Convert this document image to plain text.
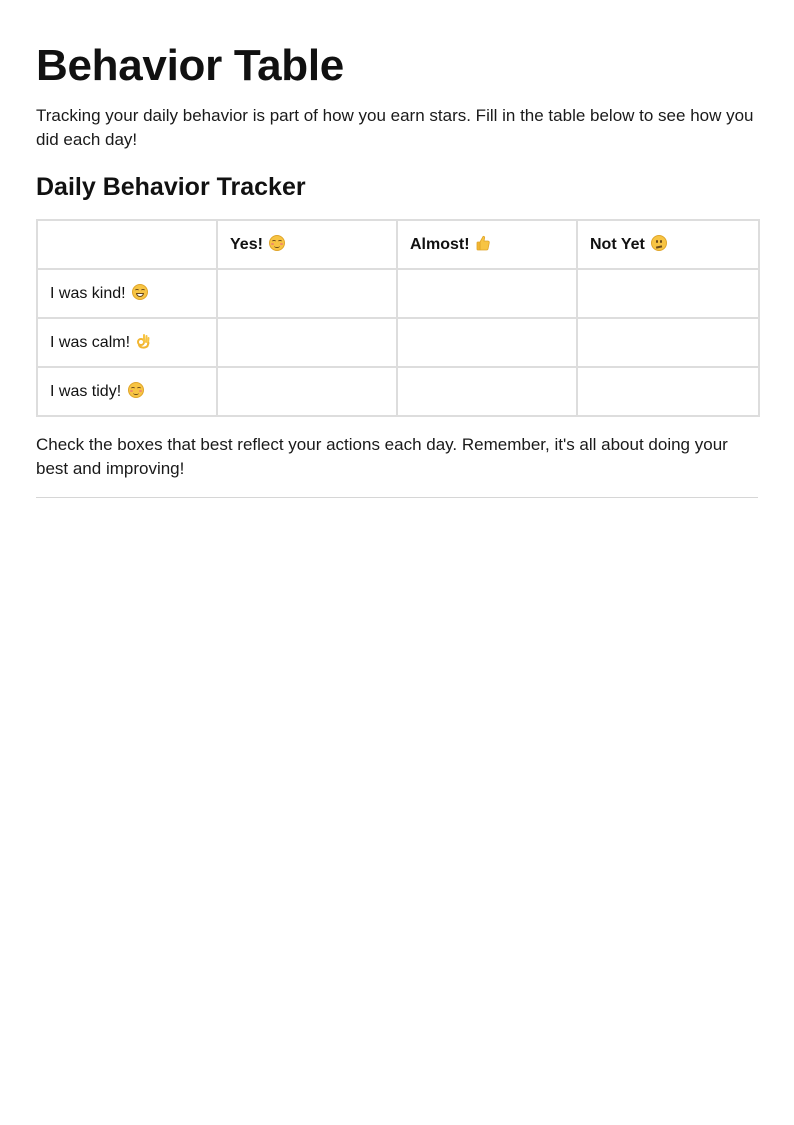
Behavior Table

Tracking your daily behavior is part of how you earn stars. Fill in the table below to see how you did each day!

Daily Behavior Tracker
	Yes!	Almost!	Not Yet

I was kind!

I was calm!

I was tidy!

Check the boxes that best reflect your actions each day. Remember, it's all about doing your best and improving!
